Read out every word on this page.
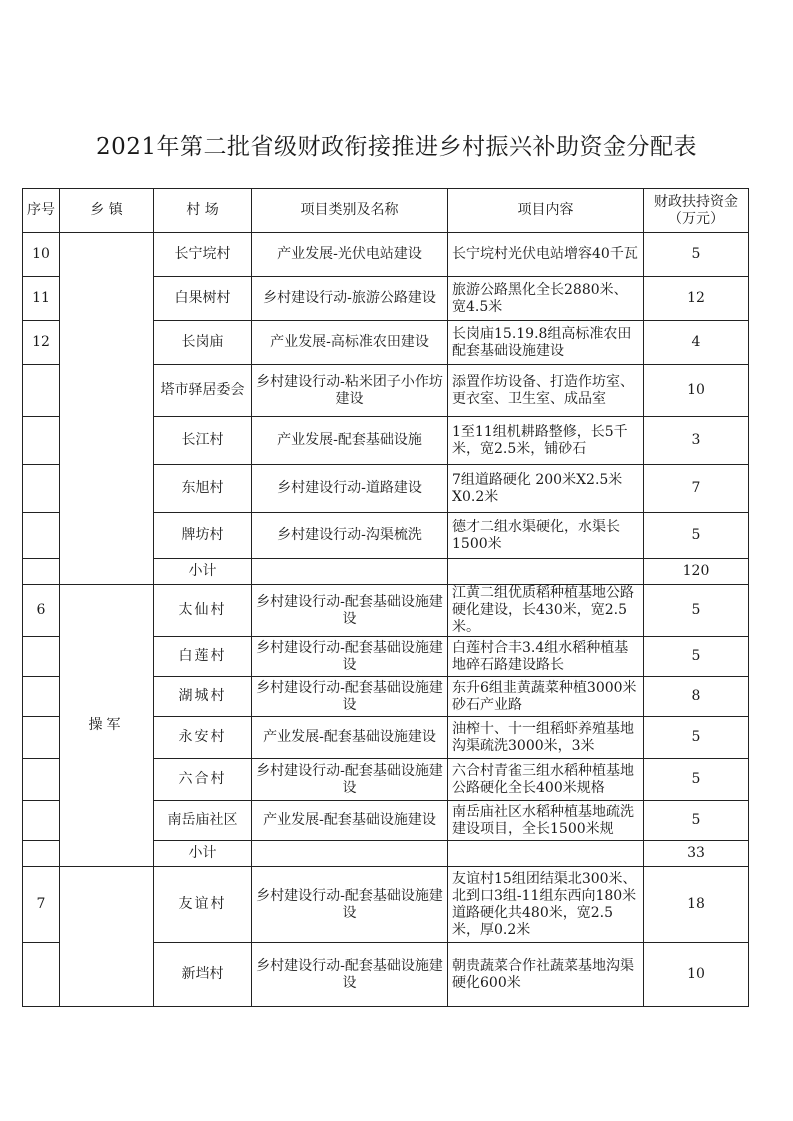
2021年第二批省级财政衔接推进乡村振兴补助资金分配表
序号	乡 镇	村 场	项目类别及名称	项目内容	财政扶持资金（万元）
10		长宁垸村	产业发展-光伏电站建设	长宁垸村光伏电站增容40千瓦	5
11		白果树村	乡村建设行动-旅游公路建设	旅游公路黑化全长2880米、宽4.5米	12
12		长岗庙	产业发展-高标准农田建设	长岗庙15.19.8组高标准农田配套基础设施建设	4
		塔市驿居委会	乡村建设行动-粘米团子小作坊建设	添置作坊设备、打造作坊室、更衣室、卫生室、成品室	10
		长江村	产业发展-配套基础设施	1至11组机耕路整修，长5千米，宽2.5米，铺砂石	3
		东旭村	乡村建设行动-道路建设	7组道路硬化 200米X2.5米X0.2米	7
		牌坊村	乡村建设行动-沟渠梳洗	德才二组水渠硬化，水渠长1500米	5
		小计			120
6	操军	太仙村	乡村建设行动-配套基础设施建设	江黄二组优质稻种植基地公路硬化建设，长430米，宽2.5米。	5
		白莲村	乡村建设行动-配套基础设施建设	白莲村合丰3.4组水稻种植基地碎石路建设路长	5
		湖城村	乡村建设行动-配套基础设施建设	东升6组韭黄蔬菜种植3000米砂石产业路	8
		永安村	产业发展-配套基础设施建设	油榨十、十一组稻虾养殖基地沟渠疏洗3000米，3米	5
		六合村	乡村建设行动-配套基础设施建设	六合村青雀三组水稻种植基地公路硬化全长400米规格	5
		南岳庙社区	产业发展-配套基础设施建设	南岳庙社区水稻种植基地疏洗建设项目，全长1500米规	5
		小计			33
7		友谊村	乡村建设行动-配套基础设施建设	友谊村15组团结渠北300米、北到口3组-11组东西向180米道路硬化共480米，宽2.5米，厚0.2米	18
		新垱村	乡村建设行动-配套基础设施建设	朝贵蔬菜合作社蔬菜基地沟渠硬化600米	10
